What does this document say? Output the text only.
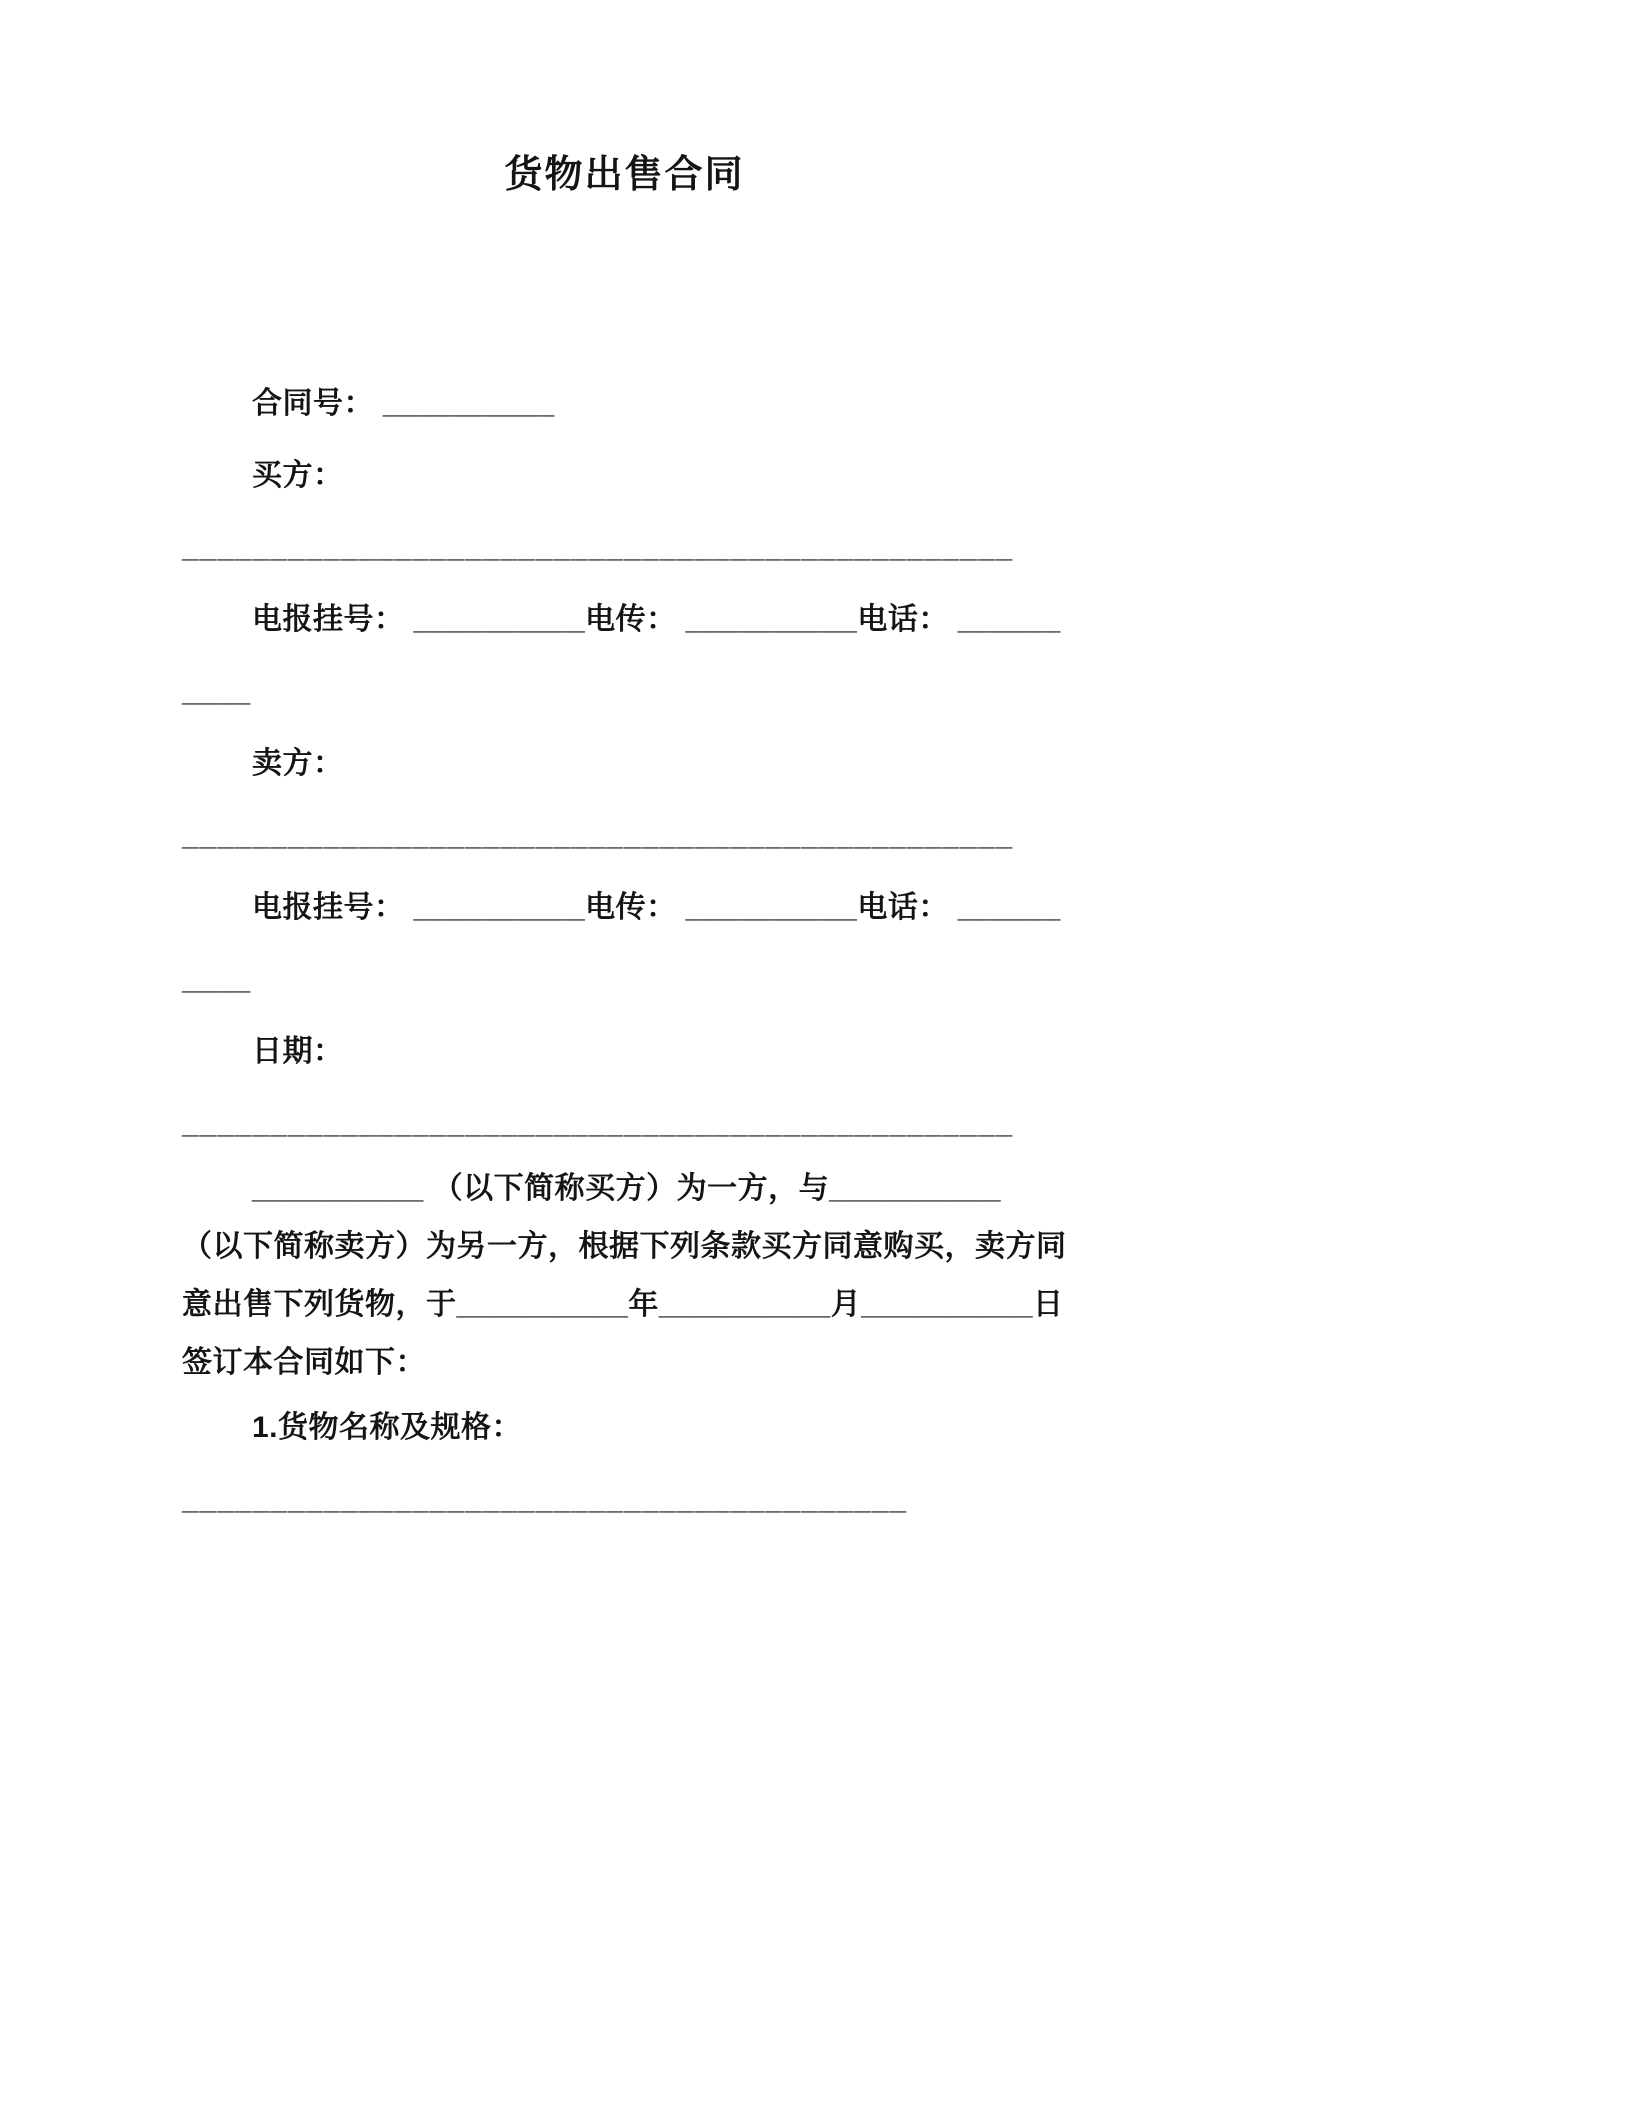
货物出售合同

合同号： __________

买方：

_______________________________________________

电报挂号： __________电传： __________电话： __________

卖方：

_______________________________________________

电报挂号： __________电传： __________电话： __________

日期：

_______________________________________________

__________ （以下简称买方）为一方，与__________ （以下简称卖方）为另一方，根据下列条款买方同意购买，卖方同意出售下列货物，于__________年__________月__________日签订本合同如下：

1.货物名称及规格：

_________________________________________
